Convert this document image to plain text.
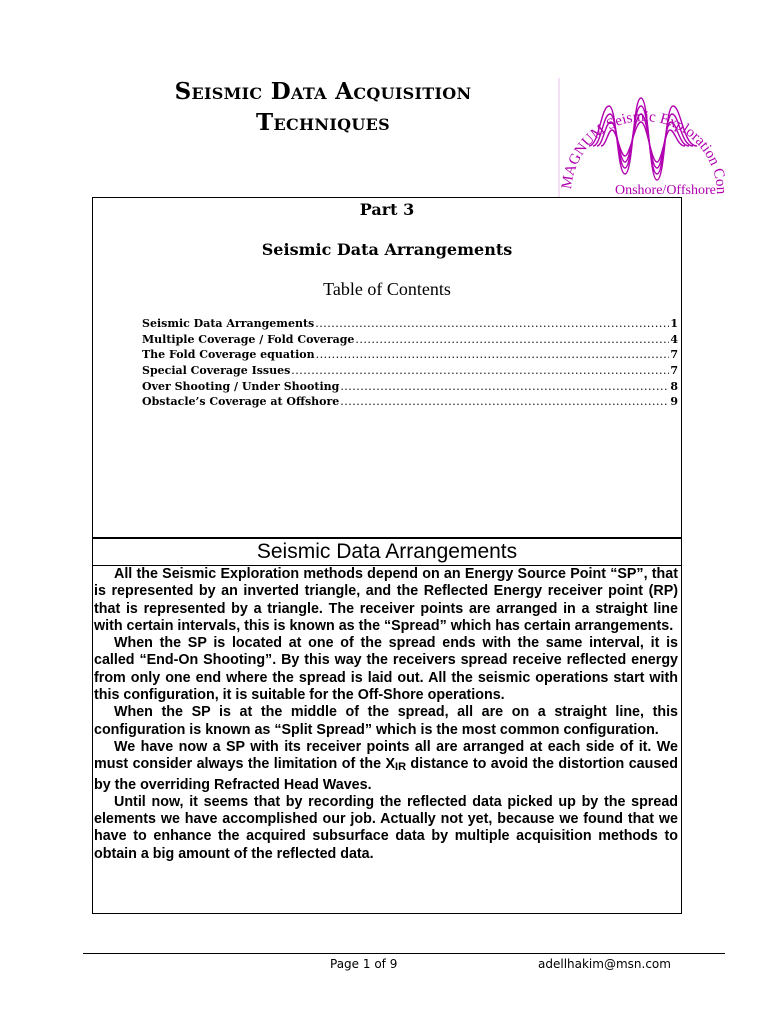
Seismic Data Acquisition
Techniques
MAGNUM Seismic Exploration Con
Onshore/Offshore
Part 3
Seismic Data Arrangements
Table of Contents
Seismic Data Arrangements .....	1
Multiple Coverage / Fold Coverage .....	4
The Fold Coverage equation .....	7
Special Coverage Issues .....	7
Over Shooting / Under Shooting .....	8
Obstacle’s Coverage at Offshore .....	9
Seismic Data Arrangements

All the Seismic Exploration methods depend on an Energy Source Point “SP”, that is represented by an inverted triangle, and the Reflected Energy receiver point (RP) that is represented by a triangle. The receiver points are arranged in a straight line with certain intervals, this is known as the “Spread” which has certain arrangements.

When the SP is located at one of the spread ends with the same interval, it is called “End-On Shooting”. By this way the receivers spread receive reflected energy from only one end where the spread is laid out. All the seismic operations start with this configuration, it is suitable for the Off-Shore operations.

When the SP is at the middle of the spread, all are on a straight line, this configuration is known as “Split Spread” which is the most common configuration.

We have now a SP with its receiver points all are arranged at each side of it. We must consider always the limitation of the $X_{IR}$ distance to avoid the distortion caused by the overriding Refracted Head Waves.

Until now, it seems that by recording the reflected data picked up by the spread elements we have accomplished our job. Actually not yet, because we found that we have to enhance the acquired subsurface data by multiple acquisition methods to obtain a big amount of the reflected data.

Page 1 of 9	adellhakim@msn.com
